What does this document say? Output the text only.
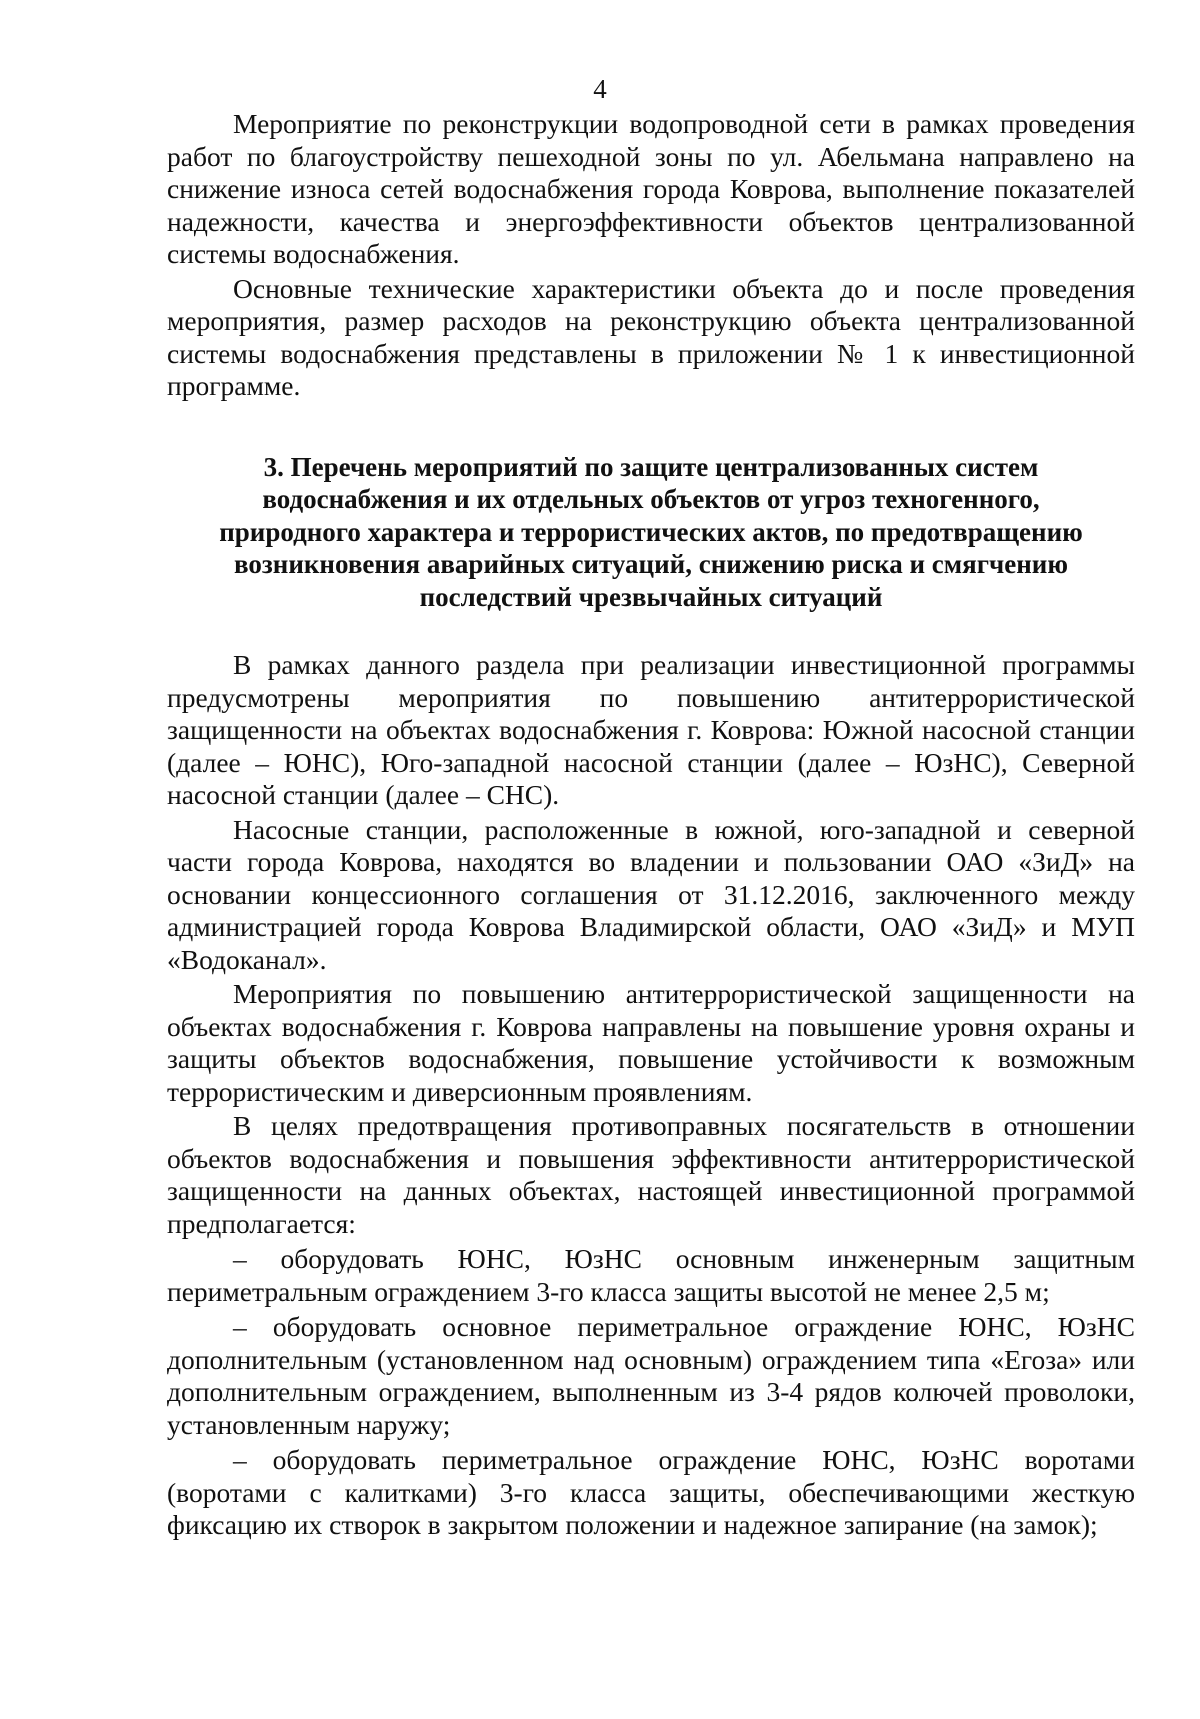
4

Мероприятие по реконструкции водопроводной сети в рамках проведения работ по благоустройству пешеходной зоны по ул. Абельмана направлено на снижение износа сетей водоснабжения города Коврова, выполнение показателей надежности, качества и энергоэффективности объектов централизованной системы водоснабжения.

Основные технические характеристики объекта до и после проведения мероприятия, размер расходов на реконструкцию объекта централизованной системы водоснабжения представлены в приложении № 1 к инвестиционной программе.

3. Перечень мероприятий по защите централизованных систем
водоснабжения и их отдельных объектов от угроз техногенного,
природного характера и террористических актов, по предотвращению
возникновения аварийных ситуаций, снижению риска и смягчению
последствий чрезвычайных ситуаций

В рамках данного раздела при реализации инвестиционной программы предусмотрены мероприятия по повышению антитеррористической защищенности на объектах водоснабжения г. Коврова: Южной насосной станции (далее – ЮНС), Юго-западной насосной станции (далее – ЮзНС), Северной насосной станции (далее – СНС).

Насосные станции, расположенные в южной, юго-западной и северной части города Коврова, находятся во владении и пользовании ОАО «ЗиД» на основании концессионного соглашения от 31.12.2016, заключенного между администрацией города Коврова Владимирской области, ОАО «ЗиД» и МУП «Водоканал».

Мероприятия по повышению антитеррористической защищенности на объектах водоснабжения г. Коврова направлены на повышение уровня охраны и защиты объектов водоснабжения, повышение устойчивости к возможным террористическим и диверсионным проявлениям.

В целях предотвращения противоправных посягательств в отношении объектов водоснабжения и повышения эффективности антитеррористической защищенности на данных объектах, настоящей инвестиционной программой предполагается:

– оборудовать ЮНС, ЮзНС основным инженерным защитным периметральным ограждением 3-го класса защиты высотой не менее 2,5 м;

– оборудовать основное периметральное ограждение ЮНС, ЮзНС дополнительным (установленном над основным) ограждением типа «Егоза» или дополнительным ограждением, выполненным из 3-4 рядов колючей проволоки, установленным наружу;

– оборудовать периметральное ограждение ЮНС, ЮзНС воротами (воротами с калитками) 3-го класса защиты, обеспечивающими жесткую фиксацию их створок в закрытом положении и надежное запирание (на замок);
